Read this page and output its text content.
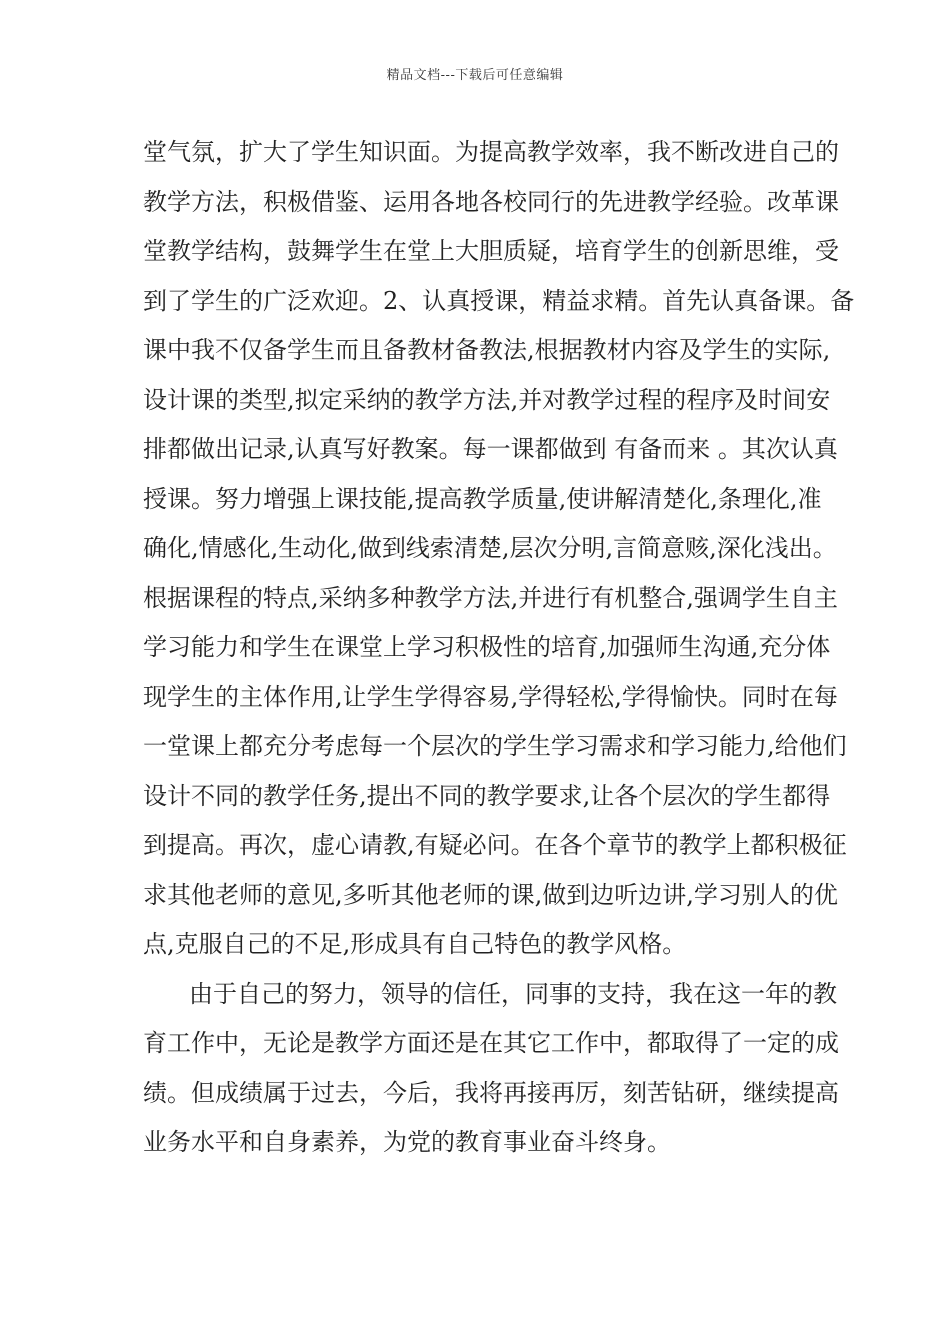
精品文档---下载后可任意编辑
堂气氛，扩大了学生知识面。为提高教学效率，我不断改进自己的
教学方法，积极借鉴、运用各地各校同行的先进教学经验。改革课
堂教学结构，鼓舞学生在堂上大胆质疑，培育学生的创新思维，受
到了学生的广泛欢迎。2、认真授课，精益求精。首先认真备课。备
课中我不仅备学生而且备教材备教法,根据教材内容及学生的实际,
设计课的类型,拟定采纳的教学方法,并对教学过程的程序及时间安
排都做出记录,认真写好教案。每一课都做到 有备而来 。其次认真
授课。努力增强上课技能,提高教学质量,使讲解清楚化,条理化,准
确化,情感化,生动化,做到线索清楚,层次分明,言简意赅,深化浅出。
根据课程的特点,采纳多种教学方法,并进行有机整合,强调学生自主
学习能力和学生在课堂上学习积极性的培育,加强师生沟通,充分体
现学生的主体作用,让学生学得容易,学得轻松,学得愉快。同时在每
一堂课上都充分考虑每一个层次的学生学习需求和学习能力,给他们
设计不同的教学任务,提出不同的教学要求,让各个层次的学生都得
到提高。再次，虚心请教,有疑必问。在各个章节的教学上都积极征
求其他老师的意见,多听其他老师的课,做到边听边讲,学习别人的优
点,克服自己的不足,形成具有自己特色的教学风格。
由于自己的努力，领导的信任，同事的支持，我在这一年的教
育工作中，无论是教学方面还是在其它工作中，都取得了一定的成
绩。但成绩属于过去，今后，我将再接再厉，刻苦钻研，继续提高
业务水平和自身素养，为党的教育事业奋斗终身。
